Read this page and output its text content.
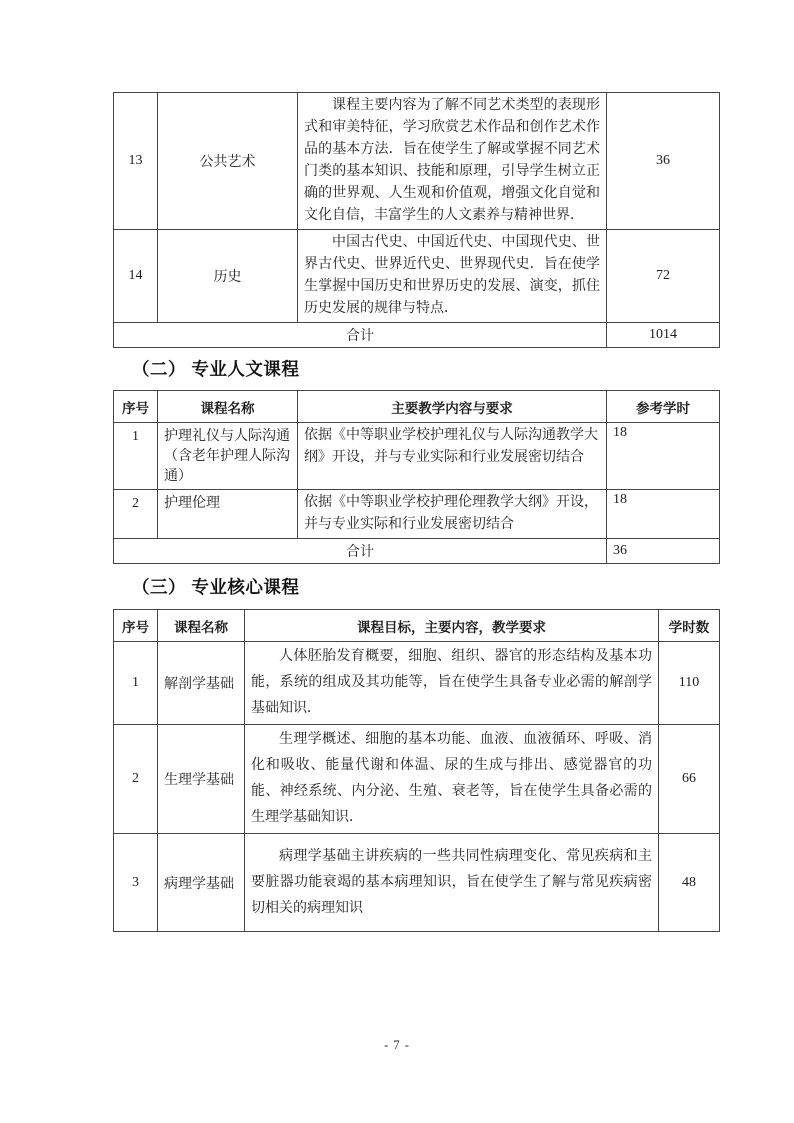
13	公共艺术	课程主要内容为了解不同艺术类型的表现形式和审美特征，学习欣赏艺术作品和创作艺术作品的基本方法．旨在使学生了解或掌握不同艺术门类的基本知识、技能和原理，引导学生树立正确的世界观、人生观和价值观，增强文化自觉和文化自信，丰富学生的人文素养与精神世界．	36
14	历史	中国古代史、中国近代史、中国现代史、世界古代史、世界近代史、世界现代史．旨在使学生掌握中国历史和世界历史的发展、演变，抓住历史发展的规律与特点．	72
合计			1014
（二） 专业人文课程
序号	课程名称	主要教学内容与要求	参考学时
1	护理礼仪与人际沟通（含老年护理人际沟通）	依据《中等职业学校护理礼仪与人际沟通教学大纲》开设，并与专业实际和行业发展密切结合	18
2	护理伦理	依据《中等职业学校护理伦理教学大纲》开设，并与专业实际和行业发展密切结合	18
合计			36
（三） 专业核心课程
序号	课程名称	课程目标，主要内容，教学要求	学时数
1	解剖学基础	人体胚胎发育概要，细胞、组织、器官的形态结构及基本功能，系统的组成及其功能等，旨在使学生具备专业必需的解剖学基础知识．	110
2	生理学基础	生理学概述、细胞的基本功能、血液、血液循环、呼吸、消化和吸收、能量代谢和体温、尿的生成与排出、感觉器官的功能、神经系统、内分泌、生殖、衰老等，旨在使学生具备必需的生理学基础知识．	66
3	病理学基础	病理学基础主讲疾病的一些共同性病理变化、常见疾病和主要脏器功能衰竭的基本病理知识，旨在使学生了解与常见疾病密切相关的病理知识	48
- 7 -
